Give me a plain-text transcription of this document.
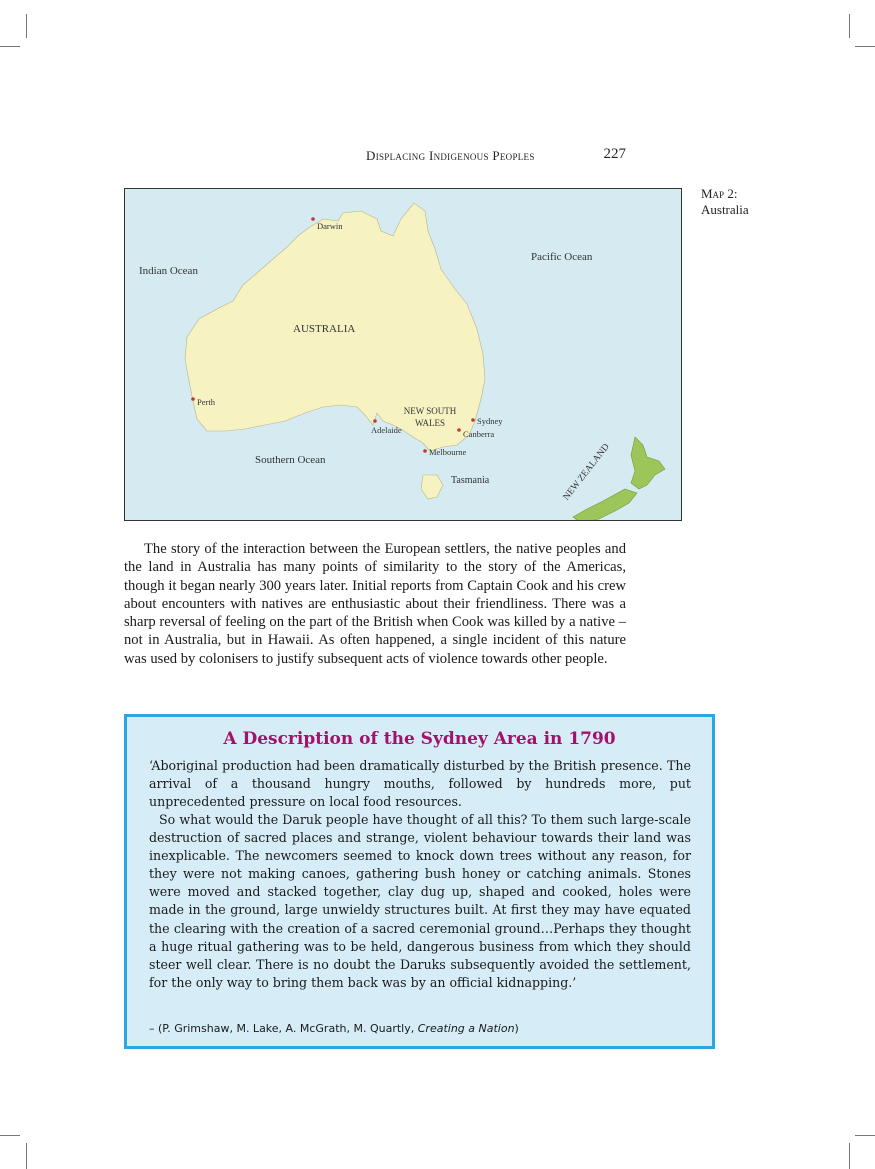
Displacing Indigenous Peoples	227
Map 2:
Australia
Darwin
Indian Ocean
Pacific Ocean
AUSTRALIA
Perth
NEW SOUTH WALES
Adelaide
Sydney
Canberra
Melbourne
Southern Ocean
Tasmania	NEW ZEALAND

The story of the interaction between the European settlers, the native peoples and the land in Australia has many points of similarity to the story of the Americas, though it began nearly 300 years later. Initial reports from Captain Cook and his crew about encounters with natives are enthusiastic about their friendliness. There was a sharp reversal of feeling on the part of the British when Cook was killed by a native – not in Australia, but in Hawaii. As often happened, a single incident of this nature was used by colonisers to justify subsequent acts of violence towards other people.

A Description of the Sydney Area in 1790

‘Aboriginal production had been dramatically disturbed by the British presence. The arrival of a thousand hungry mouths, followed by hundreds more, put unprecedented pressure on local food resources.

So what would the Daruk people have thought of all this? To them such large-scale destruction of sacred places and strange, violent behaviour towards their land was inexplicable. The newcomers seemed to knock down trees without any reason, for they were not making canoes, gathering bush honey or catching animals. Stones were moved and stacked together, clay dug up, shaped and cooked, holes were made in the ground, large unwieldy structures built. At first they may have equated the clearing with the creation of a sacred ceremonial ground…Perhaps they thought a huge ritual gathering was to be held, dangerous business from which they should steer well clear. There is no doubt the Daruks subsequently avoided the settlement, for the only way to bring them back was by an official kidnapping.’

– (P. Grimshaw, M. Lake, A. McGrath, M. Quartly, Creating a Nation)
